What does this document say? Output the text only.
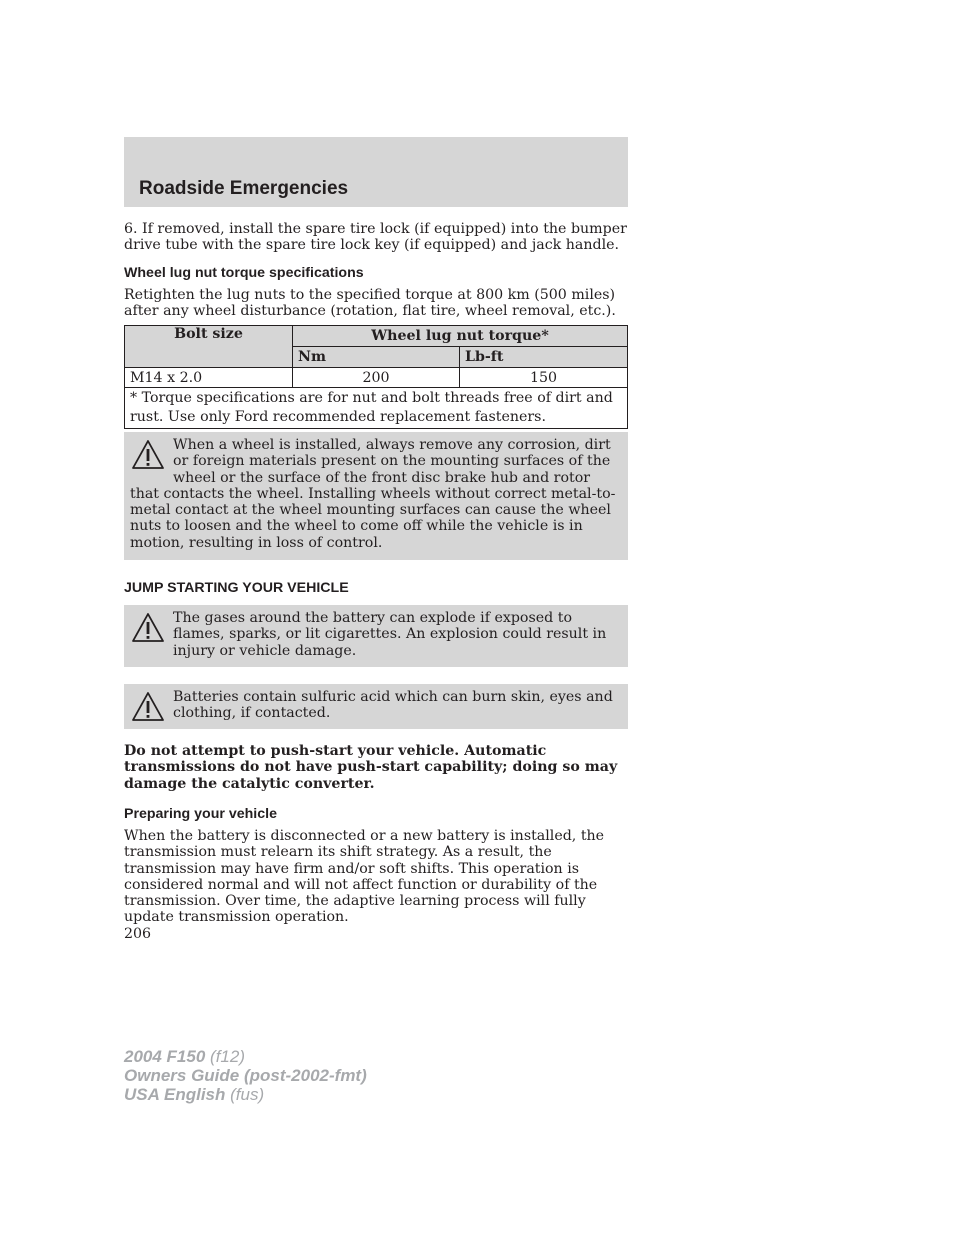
Roadside Emergencies

6. If removed, install the spare tire lock (if equipped) into the bumper drive tube with the spare tire lock key (if equipped) and jack handle.

Wheel lug nut torque specifications

Retighten the lug nuts to the specified torque at 800 km (500 miles) after any wheel disturbance (rotation, flat tire, wheel removal, etc.).

Bolt size	Wheel lug nut torque*	
	Nm	Lb-ft
M14 x 2.0	200	150
* Torque specifications are for nut and bolt threads free of dirt and rust. Use only Ford recommended replacement fasteners.		

When a wheel is installed, always remove any corrosion, dirt or foreign materials present on the mounting surfaces of the wheel or the surface of the front disc brake hub and rotor that contacts the wheel. Installing wheels without correct metal-to-metal contact at the wheel mounting surfaces can cause the wheel nuts to loosen and the wheel to come off while the vehicle is in motion, resulting in loss of control.

JUMP STARTING YOUR VEHICLE

The gases around the battery can explode if exposed to flames, sparks, or lit cigarettes. An explosion could result in injury or vehicle damage.

Batteries contain sulfuric acid which can burn skin, eyes and clothing, if contacted.

Do not attempt to push-start your vehicle. Automatic transmissions do not have push-start capability; doing so may damage the catalytic converter.

Preparing your vehicle

When the battery is disconnected or a new battery is installed, the transmission must relearn its shift strategy. As a result, the transmission may have firm and/or soft shifts. This operation is considered normal and will not affect function or durability of the transmission. Over time, the adaptive learning process will fully update transmission operation.

206
2004 F150 (f12)
Owners Guide (post-2002-fmt)
USA English (fus)
